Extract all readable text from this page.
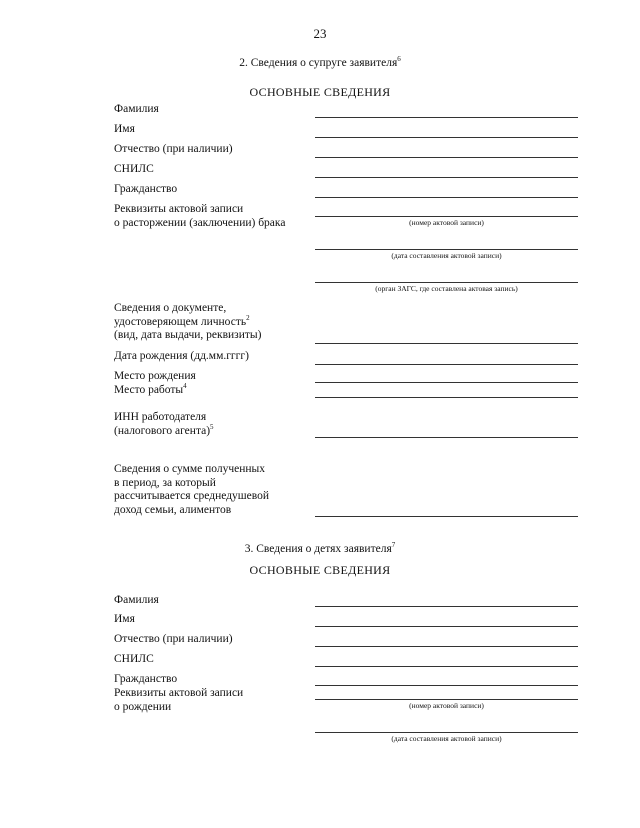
23
2. Сведения о супруге заявителя$^6$
ОСНОВНЫЕ СВЕДЕНИЯ
Фамилия
Имя
Отчество (при наличии)
СНИЛС
Гражданство
Реквизиты актовой записи
о расторжении (заключении) брака	(номер актовой записи)
(дата составления актовой записи)
(орган ЗАГС, где составлена актовая запись)
Сведения о документе,
удостоверяющем личность$^2$
(вид, дата выдачи, реквизиты)
Дата рождения (дд.мм.гггг)
Место рождения
Место работы$^4$
ИНН работодателя
(налогового агента)$^5$
Сведения о сумме полученных
в период, за который
рассчитывается среднедушевой
доход семьи, алиментов
3. Сведения о детях заявителя$^7$
ОСНОВНЫЕ СВЕДЕНИЯ
Фамилия
Имя
Отчество (при наличии)
СНИЛС
Гражданство
Реквизиты актовой записи
о рождении	(номер актовой записи)
(дата составления актовой записи)
